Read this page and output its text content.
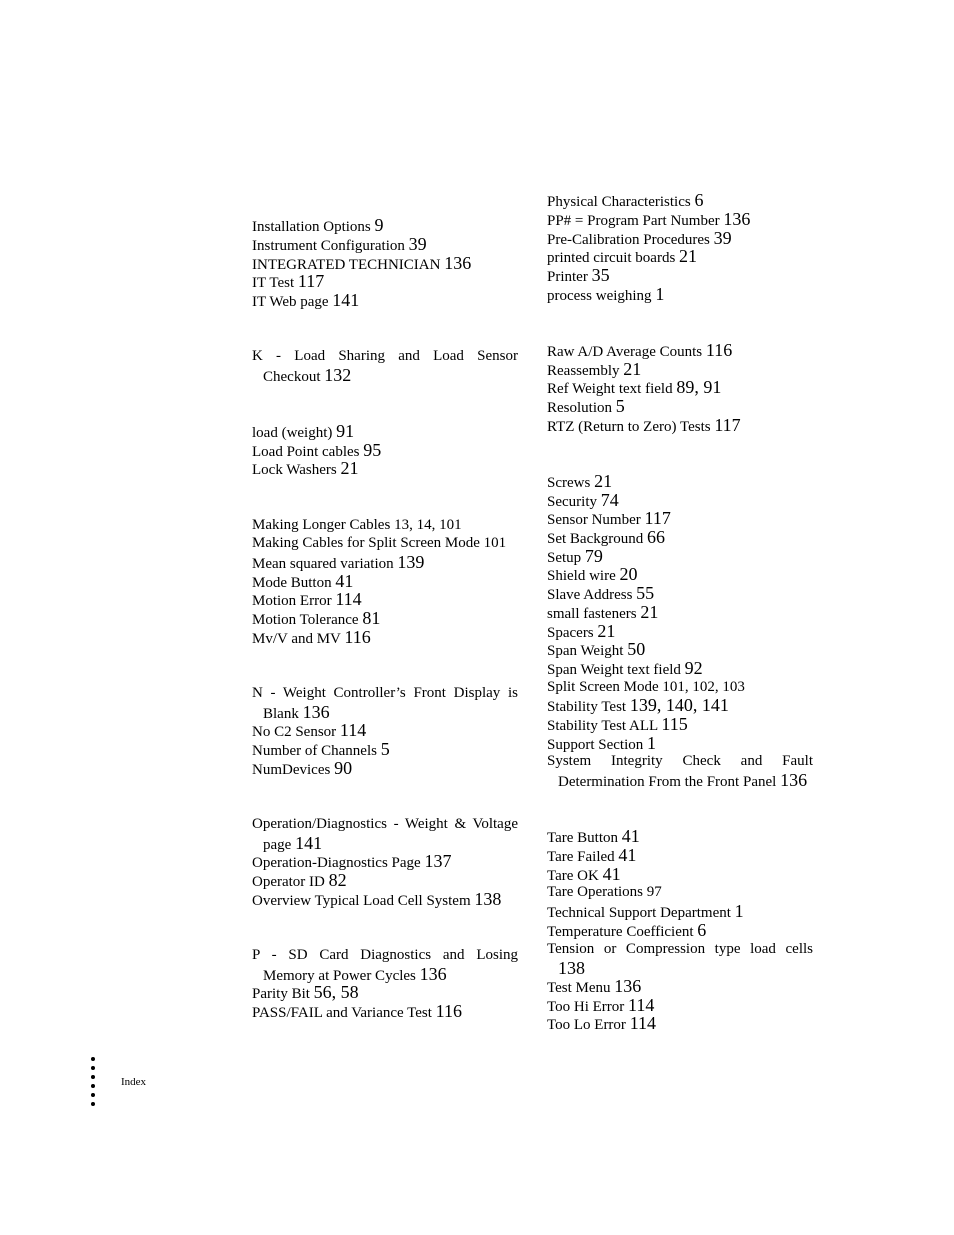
Installation Options 9
Instrument Configuration 39
INTEGRATED TECHNICIAN 136
IT Test 117
IT Web page 141
K - Load Sharing and Load Sensor
Checkout 132
load (weight) 91
Load Point cables 95
Lock Washers 21
Making Longer Cables 13, 14, 101
Making Cables for Split Screen Mode 101
Mean squared variation 139
Mode Button 41
Motion Error 114
Motion Tolerance 81
Mv/V and MV 116
N - Weight Controller’s Front Display is
Blank 136
No C2 Sensor 114
Number of Channels 5
NumDevices 90
Operation/Diagnostics - Weight & Voltage
page 141
Operation-Diagnostics Page 137
Operator ID 82
Overview Typical Load Cell System 138
P - SD Card Diagnostics and Losing
Memory at Power Cycles 136
Parity Bit 56, 58
PASS/FAIL and Variance Test 116
Physical Characteristics 6
PP# = Program Part Number 136
Pre-Calibration Procedures 39
printed circuit boards 21
Printer 35
process weighing 1
Raw A/D Average Counts 116
Reassembly 21
Ref Weight text field 89, 91
Resolution 5
RTZ (Return to Zero) Tests 117
Screws 21
Security 74
Sensor Number 117
Set Background 66
Setup 79
Shield wire 20
Slave Address 55
small fasteners 21
Spacers 21
Span Weight 50
Span Weight text field 92
Split Screen Mode 101, 102, 103
Stability Test 139, 140, 141
Stability Test ALL 115
Support Section 1
System Integrity Check and Fault
Determination From the Front Panel 136
Tare Button 41
Tare Failed 41
Tare OK 41
Tare Operations 97
Technical Support Department 1
Temperature Coefficient 6
Tension or Compression type load cells
138
Test Menu 136
Too Hi Error 114
Too Lo Error 114
Index
